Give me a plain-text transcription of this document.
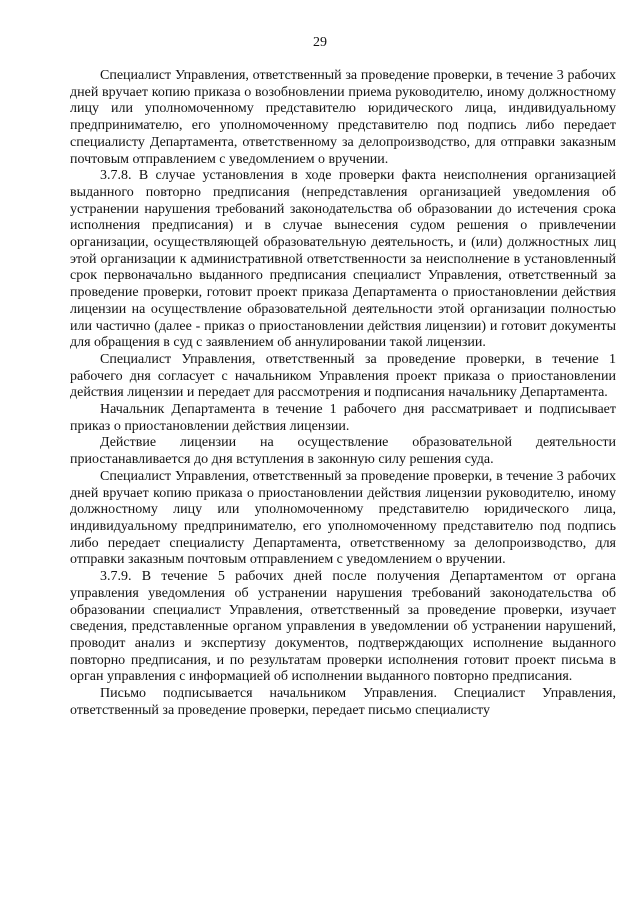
29

Специалист Управления, ответственный за проведение проверки, в течение 3 рабочих дней вручает копию приказа о возобновлении приема руководителю, иному должностному лицу или уполномоченному представителю юридического лица, индивидуальному предпринимателю, его уполномоченному представителю под подпись либо передает специалисту Департамента, ответственному за делопроизводство, для отправки заказным почтовым отправлением с уведомлением о вручении.

3.7.8. В случае установления в ходе проверки факта неисполнения организацией выданного повторно предписания (непредставления организацией уведомления об устранении нарушения требований законодательства об образовании до истечения срока исполнения предписания) и в случае вынесения судом решения о привлечении организации, осуществляющей образовательную деятельность, и (или) должностных лиц этой организации к административной ответственности за неисполнение в установленный срок первоначально выданного предписания специалист Управления, ответственный за проведение проверки, готовит проект приказа Департамента о приостановлении действия лицензии на осуществление образовательной деятельности этой организации полностью или частично (далее - приказ о приостановлении действия лицензии) и готовит документы для обращения в суд с заявлением об аннулировании такой лицензии.

Специалист Управления, ответственный за проведение проверки, в течение 1 рабочего дня согласует с начальником Управления проект приказа о приостановлении действия лицензии и передает для рассмотрения и подписания начальнику Департамента.

Начальник Департамента в течение 1 рабочего дня рассматривает и подписывает приказ о приостановлении действия лицензии.

Действие лицензии на осуществление образовательной деятельности приостанавливается до дня вступления в законную силу решения суда.

Специалист Управления, ответственный за проведение проверки, в течение 3 рабочих дней вручает копию приказа о приостановлении действия лицензии руководителю, иному должностному лицу или уполномоченному представителю юридического лица, индивидуальному предпринимателю, его уполномоченному представителю под подпись либо передает специалисту Департамента, ответственному за делопроизводство, для отправки заказным почтовым отправлением с уведомлением о вручении.

3.7.9. В течение 5 рабочих дней после получения Департаментом от органа управления уведомления об устранении нарушения требований законодательства об образовании специалист Управления, ответственный за проведение проверки, изучает сведения, представленные органом управления в уведомлении об устранении нарушений, проводит анализ и экспертизу документов, подтверждающих исполнение выданного повторно предписания, и по результатам проверки исполнения готовит проект письма в орган управления с информацией об исполнении выданного повторно предписания.

Письмо подписывается начальником Управления. Специалист Управления, ответственный за проведение проверки, передает письмо специалисту
